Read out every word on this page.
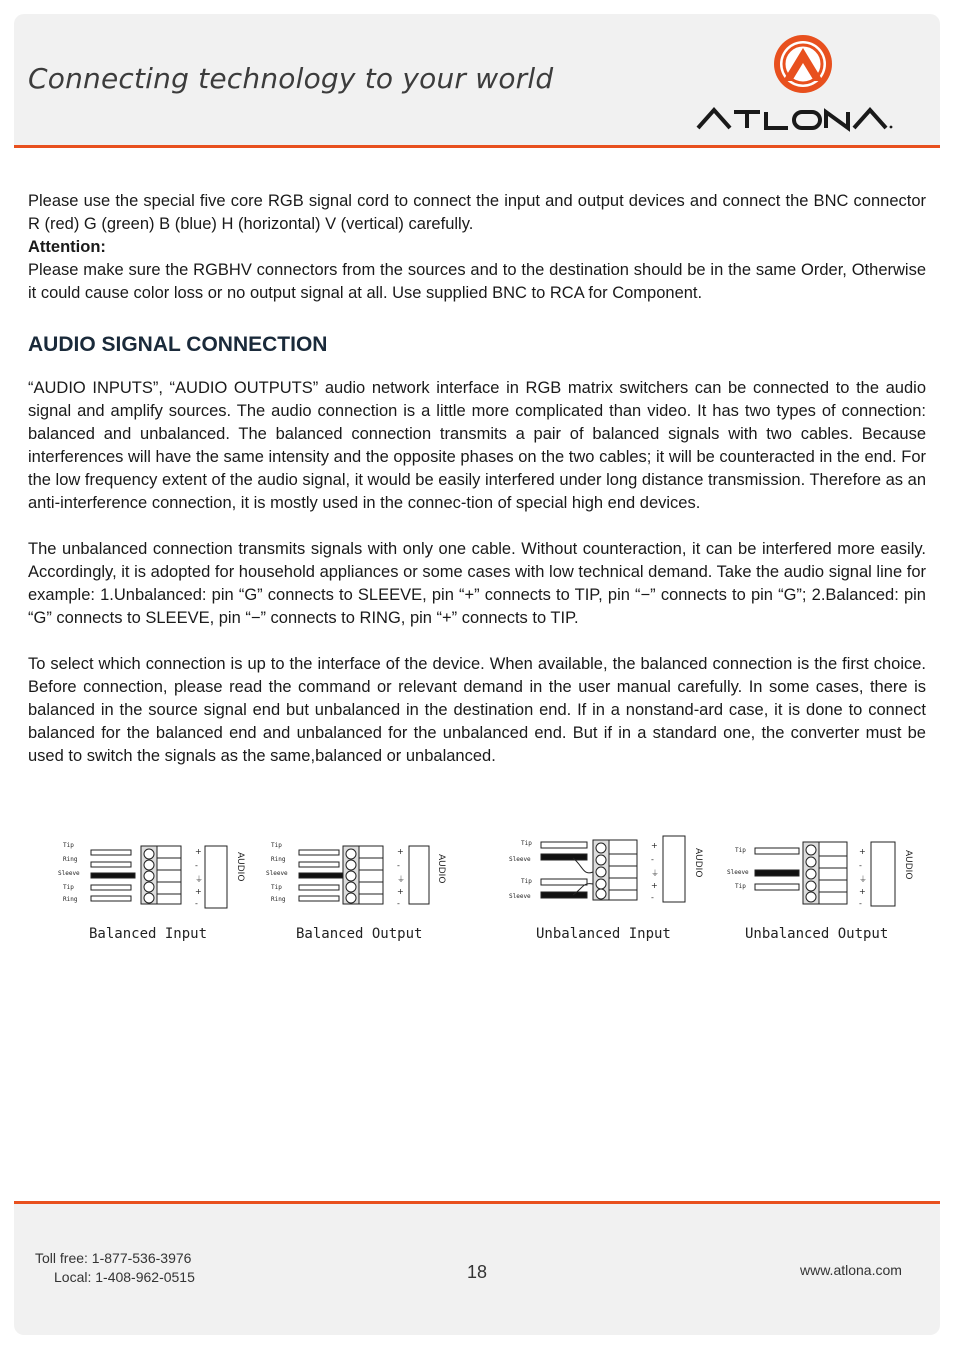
Connecting technology to your world

Please use the special five core RGB signal cord to connect the input and output devices and connect the BNC connector R (red) G (green) B (blue) H (horizontal) V (vertical) carefully.

Attention:

Please make sure the RGBHV connectors from the sources and to the destination should be in the same Order, Otherwise it could cause color loss or no output signal at all. Use supplied BNC to RCA for Component.

AUDIO SIGNAL CONNECTION

“AUDIO INPUTS”, “AUDIO OUTPUTS” audio network interface in RGB matrix switchers can be connected to the audio signal and amplify sources. The audio connection is a little more complicated than video. It has two types of connection: balanced and unbalanced. The balanced connection transmits a pair of balanced signals with two cables. Because interferences will have the same intensity and the opposite phases on the two cables; it will be counteracted in the end. For the low frequency extent of the audio signal, it would be easily interfered under long distance transmission. Therefore as an anti-interference connection, it is mostly used in the connec-tion of special high end devices.

The unbalanced connection transmits signals with only one cable. Without counteraction, it can be interfered more easily. Accordingly, it is adopted for household appliances or some cases with low technical demand. Take the audio signal line for example: 1.Unbalanced: pin “G” connects to SLEEVE, pin “+” connects to TIP, pin “−” connects to pin “G”; 2.Balanced: pin “G” connects to SLEEVE, pin “−” connects to RING, pin “+” connects to TIP.

To select which connection is up to the interface of the device. When available, the balanced connection is the first choice. Before connection, please read the command or relevant demand in the user manual carefully. In some cases, there is balanced in the source signal end but unbalanced in the destination end. If in a nonstand-ard case, it is done to connect balanced for the balanced end and unbalanced for the unbalanced end. But if in a standard one, the converter must be used to switch the signals as the same,balanced or unbalanced.

Tip
Ring
Sleeve
Tip
Ring
+
-
⏚
+
-
AUDIO
Balanced Input
Tip
Ring
Sleeve
Tip
Ring
+
-
⏚
+
-
AUDIO
Balanced Output
Tip
Sleeve
Tip
Sleeve
+
-
⏚
+
-
AUDIO
Unbalanced Input
Tip
Sleeve
Tip
+
-
⏚
+
-
AUDIO
Unbalanced Output
Toll free: 1-877-536-3976
Local: 1-408-962-0515	18	www.atlona.com
